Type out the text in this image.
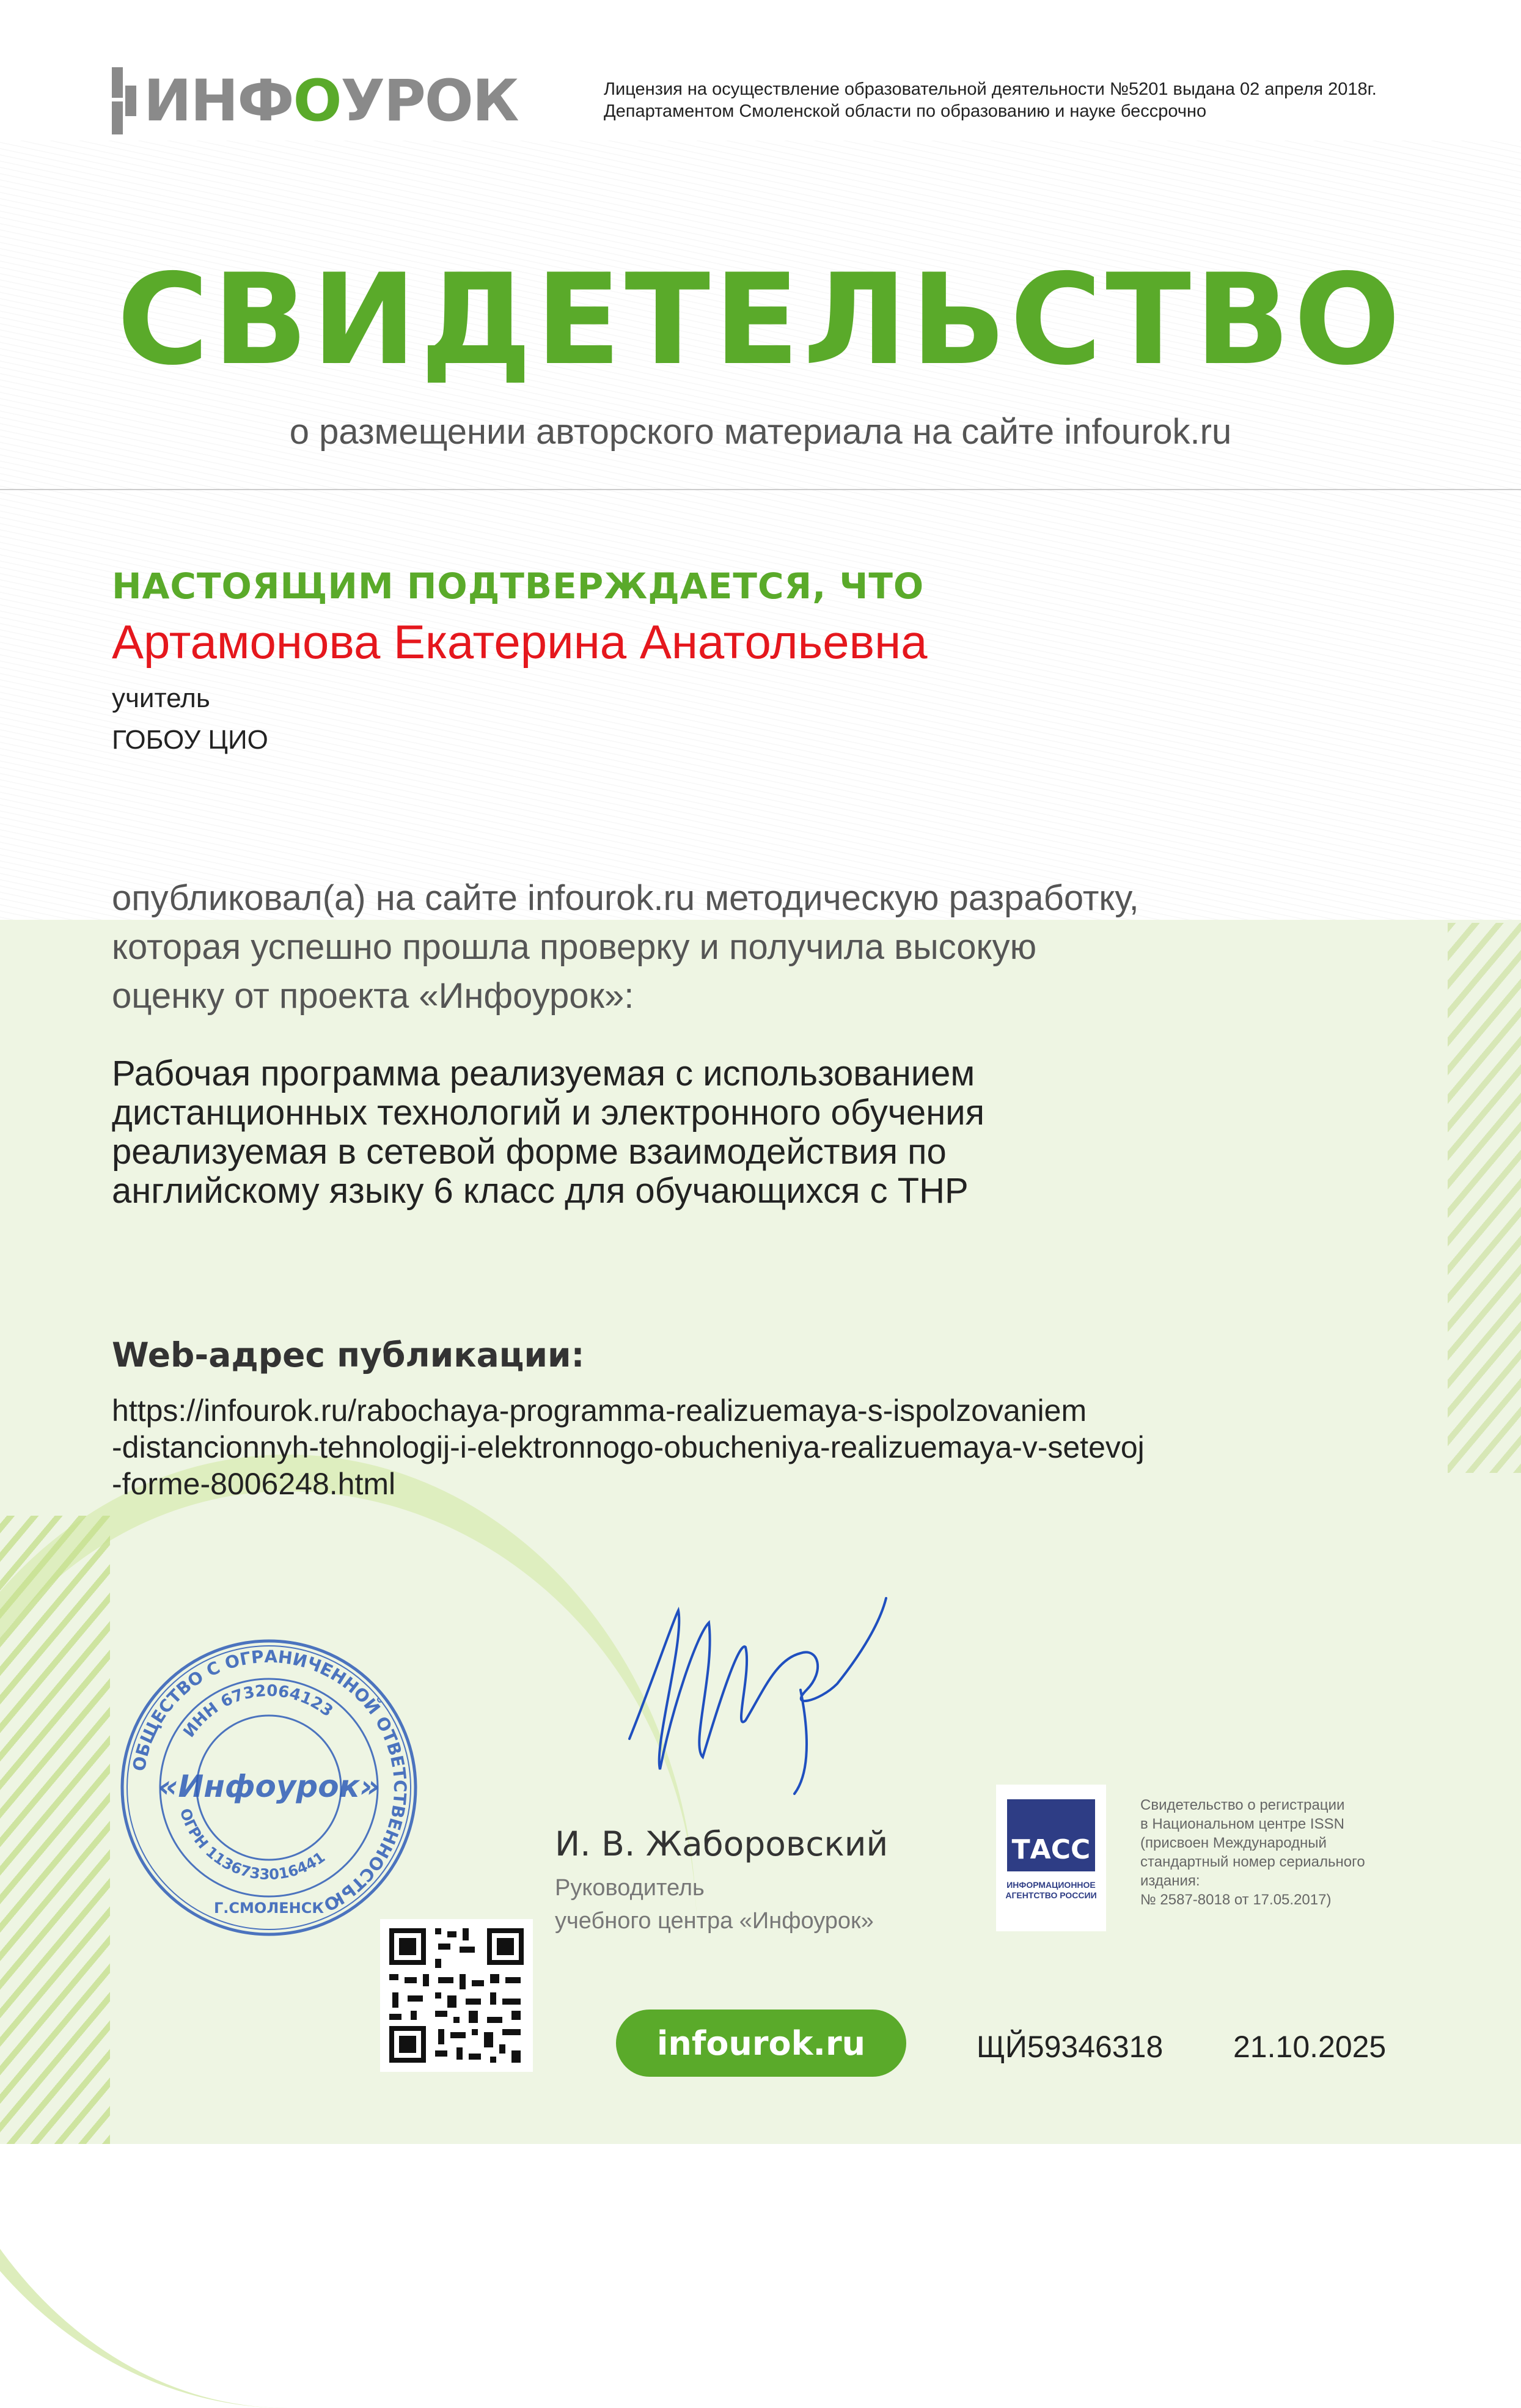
ИНФ О УРОК	Лицензия на осуществление образовательной деятельности №5201 выдана 02 апреля 2018г.
Департаментом Смоленской области по образованию и науке бессрочно
СВИДЕТЕЛЬСТВО
о размещении авторского материала на сайте infourok.ru
НАСТОЯЩИМ ПОДТВЕРЖДАЕТСЯ, ЧТО
Артамонова Екатерина Анатольевна
учитель
ГОБОУ ЦИО
опубликовал(а) на сайте infourok.ru методическую разработку,
которая успешно прошла проверку и получила высокую
оценку от проекта «Инфоурок»:
Рабочая программа реализуемая с использованием
дистанционных технологий и электронного обучения
реализуемая в сетевой форме взаимодействия по
английскому языку 6 класс для обучающихся с ТНР
Web-адрес публикации:
https://infourok.ru/rabochaya-programma-realizuemaya-s-ispolzovaniem
-distancionnyh-tehnologij-i-elektronnogo-obucheniya-realizuemaya-v-setevoj
-forme-8006248.html
ОБЩЕСТВО С ОГРАНИЧЕННОЙ ОТВЕТСТВЕННОСТЬЮ
ИНН 6732064123
ОГРН 1136733016441
«Инфоурок»
Г.СМОЛЕНСК
И. В. Жаборовский
Руководитель
учебного центра «Инфоурок»
ТАСС
ИНФОРМАЦИОННОЕ
АГЕНТСТВО РОССИИ
Свидетельство о регистрации
в Национальном центре ISSN
(присвоен Международный
стандартный номер сериального
издания:
№ 2587-8018 от 17.05.2017)
infourok.ru	ЩЙ59346318 21.10.2025
